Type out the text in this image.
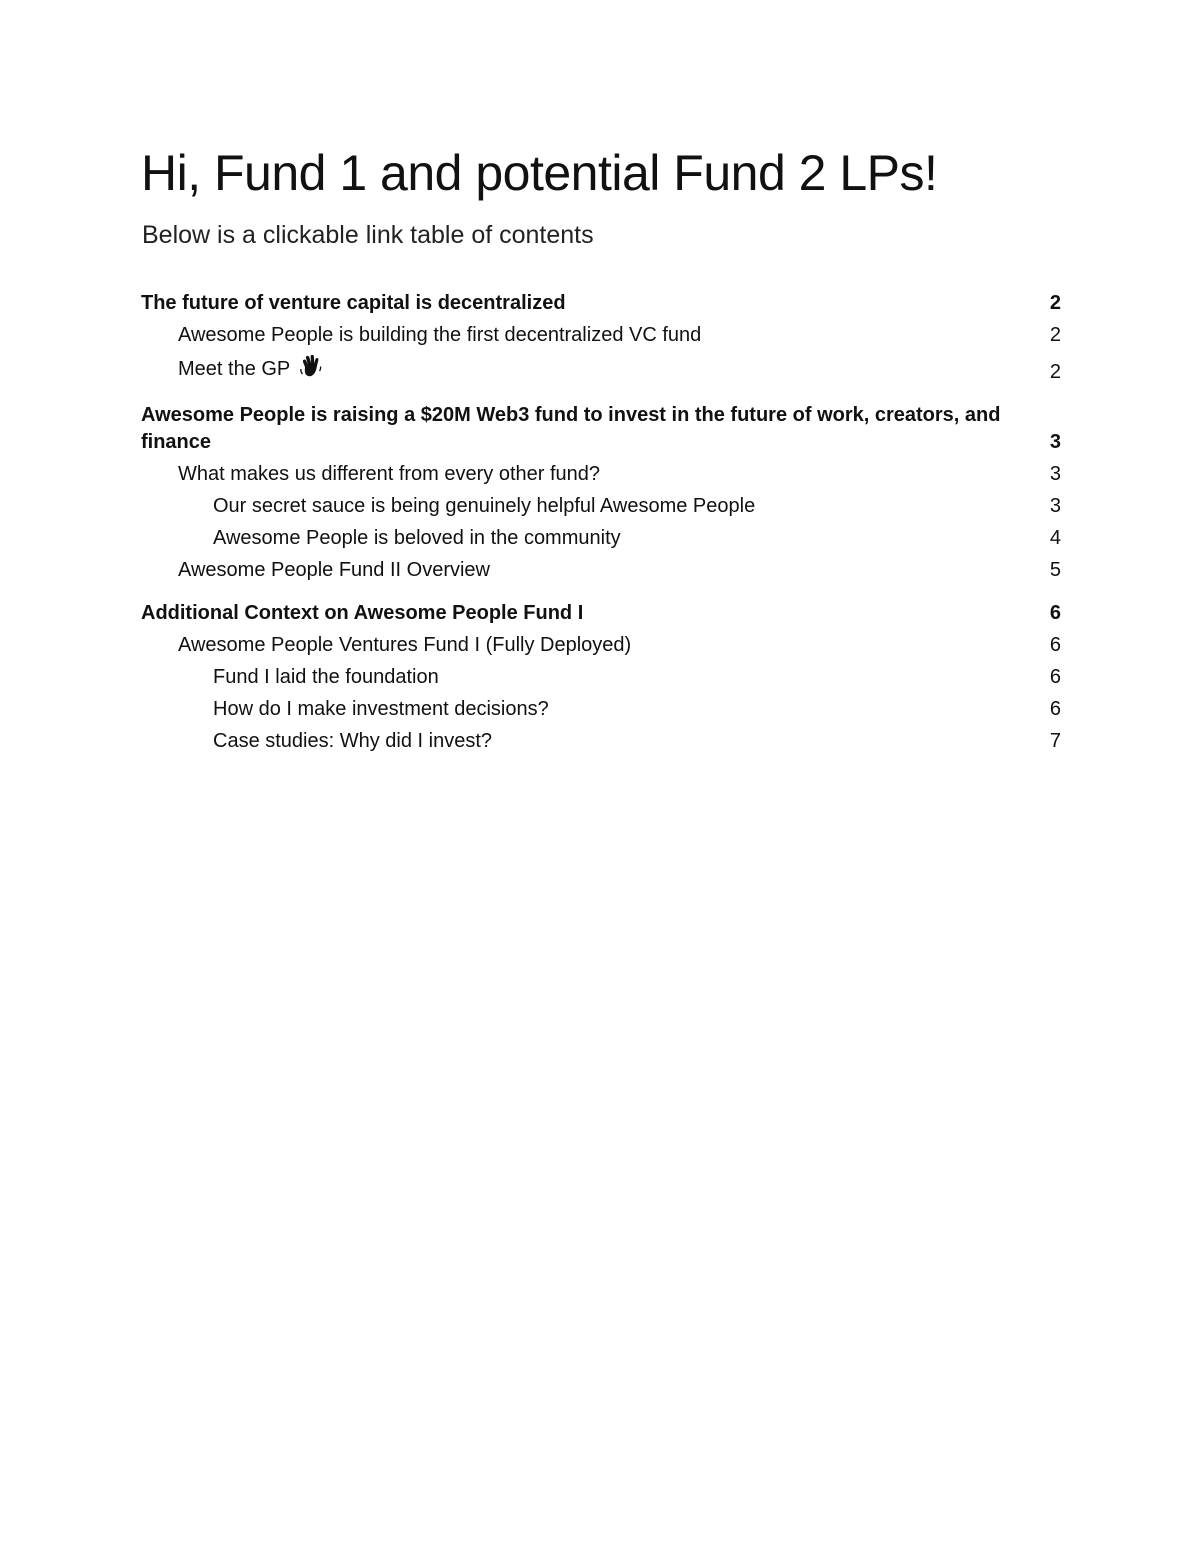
Hi, Fund 1 and potential Fund 2 LPs!
Below is a clickable link table of contents
The future of venture capital is decentralized	2
Awesome People is building the first decentralized VC fund	2
Meet the GP	2
Awesome People is raising a $20M Web3 fund to invest in the future of work, creators, and finance	3
What makes us different from every other fund?	3
Our secret sauce is being genuinely helpful Awesome People	3
Awesome People is beloved in the community	4
Awesome People Fund II Overview	5
Additional Context on Awesome People Fund I	6
Awesome People Ventures Fund I (Fully Deployed)	6
Fund I laid the foundation	6
How do I make investment decisions?	6
Case studies: Why did I invest?	7
